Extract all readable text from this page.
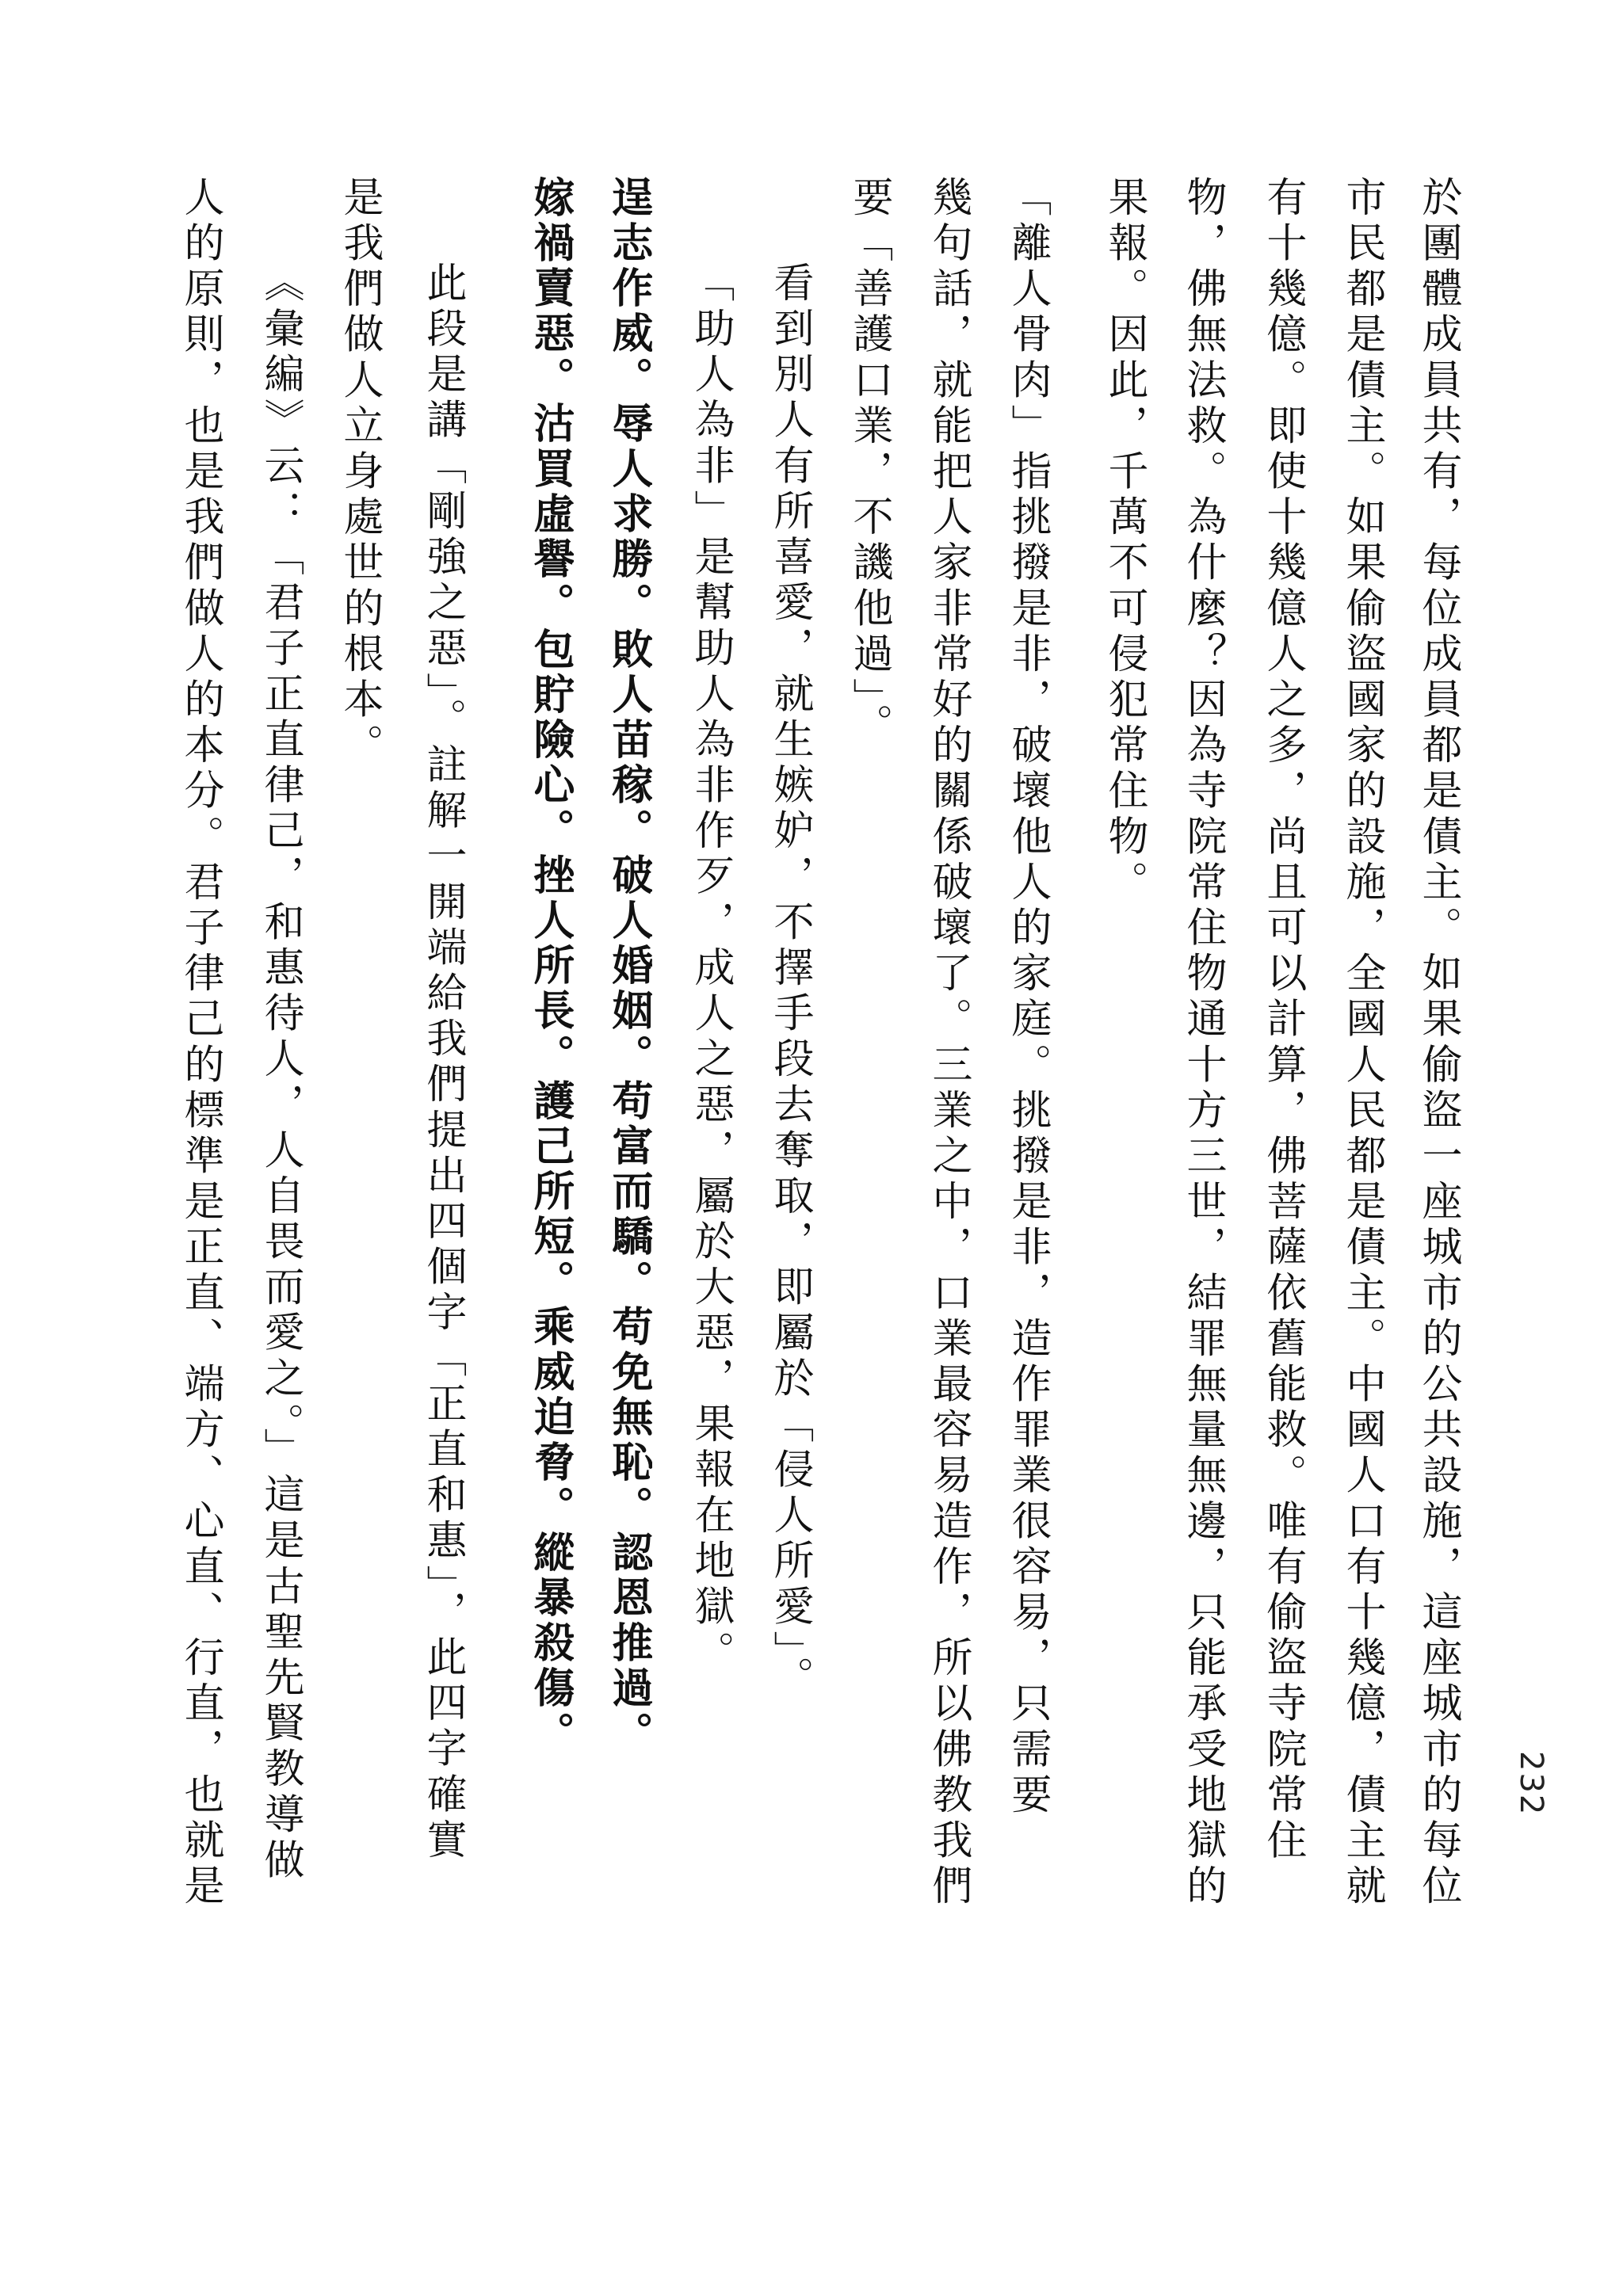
232
於團體成員共有，每位成員都是債主。如果偷盜一座城市的公共設施，這座城市的每位
市民都是債主。如果偷盜國家的設施，全國人民都是債主。中國人口有十幾億，債主就
有十幾億。即使十幾億人之多，尚且可以計算，佛菩薩依舊能救。唯有偷盜寺院常住
物，佛無法救。為什麼？因為寺院常住物通十方三世，結罪無量無邊，只能承受地獄的
果報。因此，千萬不可侵犯常住物。
「離人骨肉」指挑撥是非，破壞他人的家庭。挑撥是非，造作罪業很容易，只需要
幾句話，就能把人家非常好的關係破壞了。三業之中，口業最容易造作，所以佛教我們
要「善護口業，不譏他過」。
看到別人有所喜愛，就生嫉妒，不擇手段去奪取，即屬於「侵人所愛」。
「助人為非」是幫助人為非作歹，成人之惡，屬於大惡，果報在地獄。
逞志作威。辱人求勝。敗人苗稼。破人婚姻。苟富而驕。苟免無恥。認恩推過。
嫁禍賣惡。沽買虛譽。包貯險心。挫人所長。護己所短。乘威迫脅。縱暴殺傷。
此段是講「剛強之惡」。註解一開端給我們提出四個字「正直和惠」，此四字確實
是我們做人立身處世的根本。
《彙編》云：「君子正直律己，和惠待人，人自畏而愛之。」這是古聖先賢教導做
人的原則，也是我們做人的本分。君子律己的標準是正直、端方、心直、行直，也就是
